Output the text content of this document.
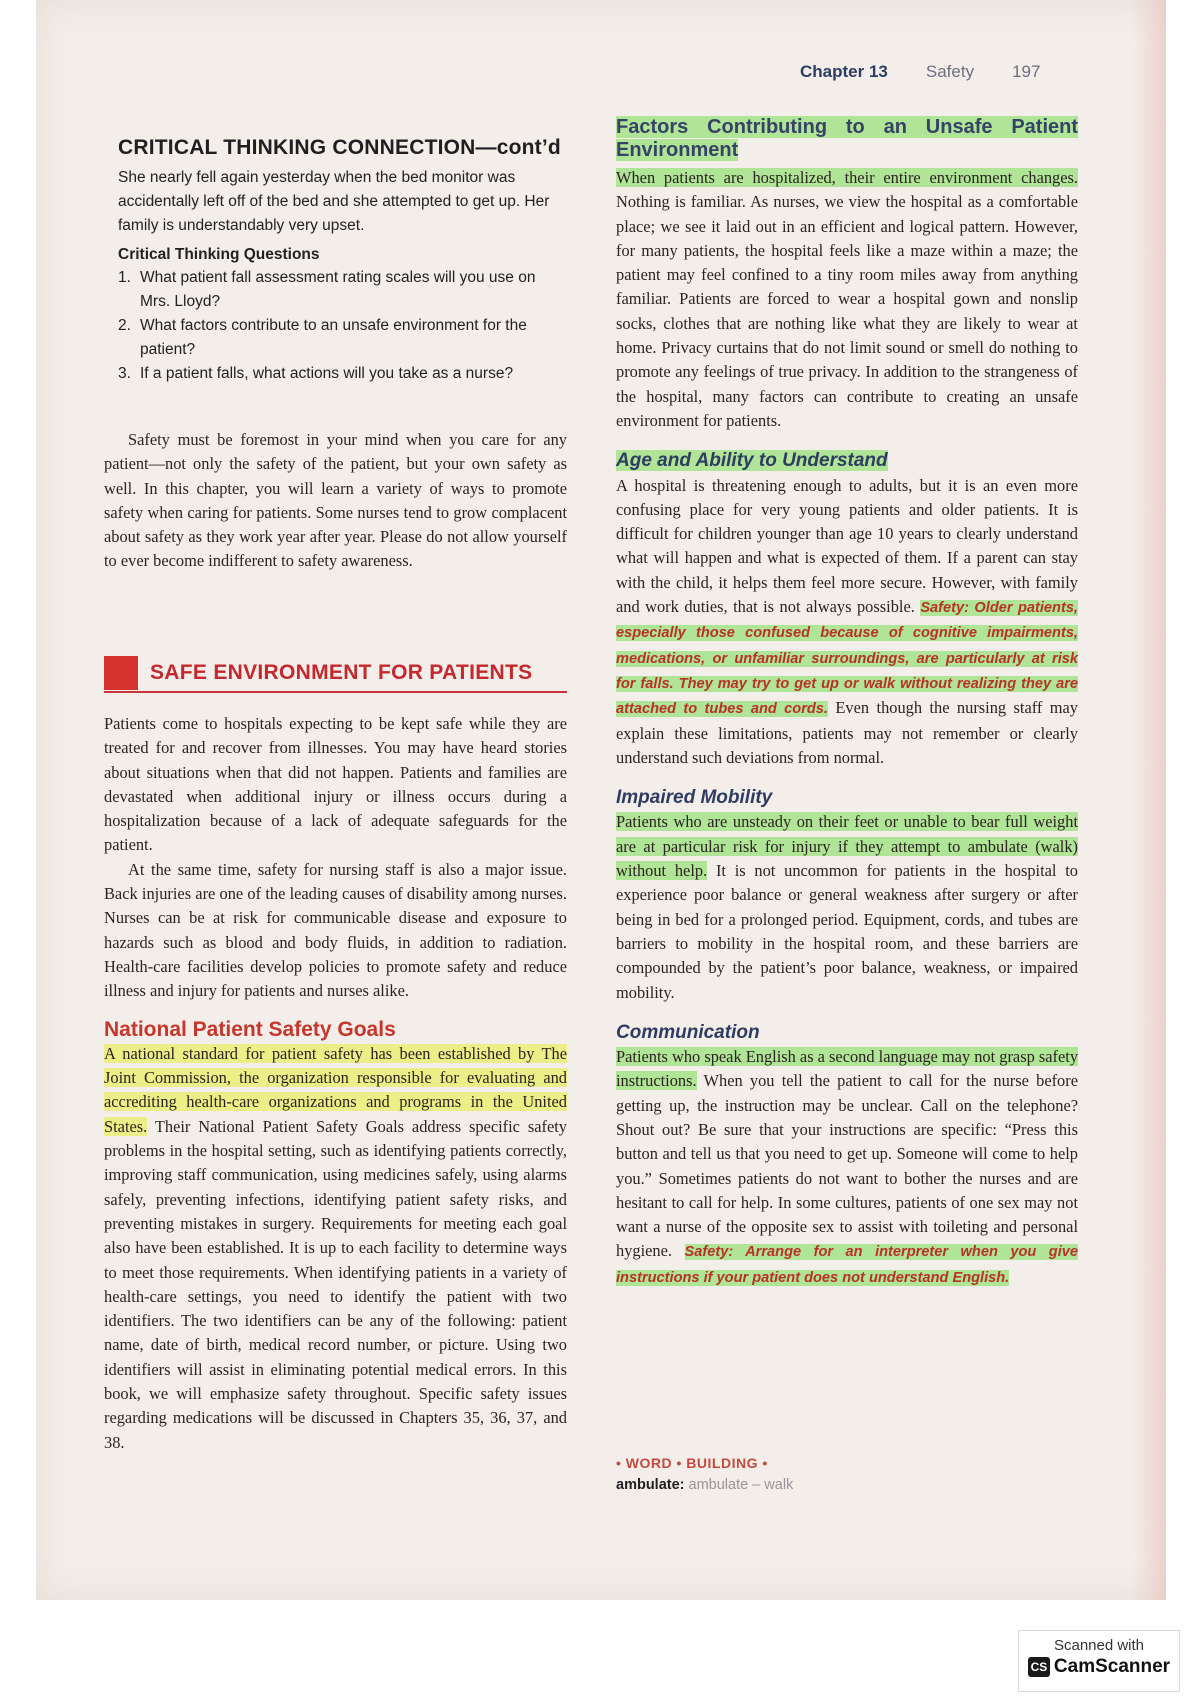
Chapter 13 Safety 197
CRITICAL THINKING CONNECTION—cont’d

She nearly fell again yesterday when the bed monitor was accidentally left off of the bed and she attempted to get up. Her family is understandably very upset.

Critical Thinking Questions
1. What patient fall assessment rating scales will you use on Mrs. Lloyd?
2. What factors contribute to an unsafe environment for the patient?
3. If a patient falls, what actions will you take as a nurse?

Safety must be foremost in your mind when you care for any patient—not only the safety of the patient, but your own safety as well. In this chapter, you will learn a variety of ways to promote safety when caring for patients. Some nurses tend to grow complacent about safety as they work year after year. Please do not allow yourself to ever become indifferent to safety awareness.

SAFE ENVIRONMENT FOR PATIENTS

Patients come to hospitals expecting to be kept safe while they are treated for and recover from illnesses. You may have heard stories about situations when that did not happen. Patients and families are devastated when additional injury or illness occurs during a hospitalization because of a lack of adequate safeguards for the patient.

At the same time, safety for nursing staff is also a major issue. Back injuries are one of the leading causes of disability among nurses. Nurses can be at risk for communicable disease and exposure to hazards such as blood and body fluids, in addition to radiation. Health-care facilities develop policies to promote safety and reduce illness and injury for patients and nurses alike.

National Patient Safety Goals

A national standard for patient safety has been established by The Joint Commission, the organization responsible for evaluating and accrediting health-care organizations and programs in the United States. Their National Patient Safety Goals address specific safety problems in the hospital setting, such as identifying patients correctly, improving staff communication, using medicines safely, using alarms safely, preventing infections, identifying patient safety risks, and preventing mistakes in surgery. Requirements for meeting each goal also have been established. It is up to each facility to determine ways to meet those requirements. When identifying patients in a variety of health-care settings, you need to identify the patient with two identifiers. The two identifiers can be any of the following: patient name, date of birth, medical record number, or picture. Using two identifiers will assist in eliminating potential medical errors. In this book, we will emphasize safety throughout. Specific safety issues regarding medications will be discussed in Chapters 35, 36, 37, and 38.

Factors Contributing to an Unsafe Patient Environment

When patients are hospitalized, their entire environment changes. Nothing is familiar. As nurses, we view the hospital as a comfortable place; we see it laid out in an efficient and logical pattern. However, for many patients, the hospital feels like a maze within a maze; the patient may feel confined to a tiny room miles away from anything familiar. Patients are forced to wear a hospital gown and nonslip socks, clothes that are nothing like what they are likely to wear at home. Privacy curtains that do not limit sound or smell do nothing to promote any feelings of true privacy. In addition to the strangeness of the hospital, many factors can contribute to creating an unsafe environment for patients.

Age and Ability to Understand

A hospital is threatening enough to adults, but it is an even more confusing place for very young patients and older patients. It is difficult for children younger than age 10 years to clearly understand what will happen and what is expected of them. If a parent can stay with the child, it helps them feel more secure. However, with family and work duties, that is not always possible. Safety: Older patients, especially those confused because of cognitive impairments, medications, or unfamiliar surroundings, are particularly at risk for falls. They may try to get up or walk without realizing they are attached to tubes and cords. Even though the nursing staff may explain these limitations, patients may not remember or clearly understand such deviations from normal.

Impaired Mobility

Patients who are unsteady on their feet or unable to bear full weight are at particular risk for injury if they attempt to ambulate (walk) without help. It is not uncommon for patients in the hospital to experience poor balance or general weakness after surgery or after being in bed for a prolonged period. Equipment, cords, and tubes are barriers to mobility in the hospital room, and these barriers are compounded by the patient’s poor balance, weakness, or impaired mobility.

Communication

Patients who speak English as a second language may not grasp safety instructions. When you tell the patient to call for the nurse before getting up, the instruction may be unclear. Call on the telephone? Shout out? Be sure that your instructions are specific: “Press this button and tell us that you need to get up. Someone will come to help you.” Sometimes patients do not want to bother the nurses and are hesitant to call for help. In some cultures, patients of one sex may not want a nurse of the opposite sex to assist with toileting and personal hygiene. Safety: Arrange for an interpreter when you give instructions if your patient does not understand English.

• WORD • BUILDING •
ambulate: ambulate – walk
Scanned with
CS CamScanner
